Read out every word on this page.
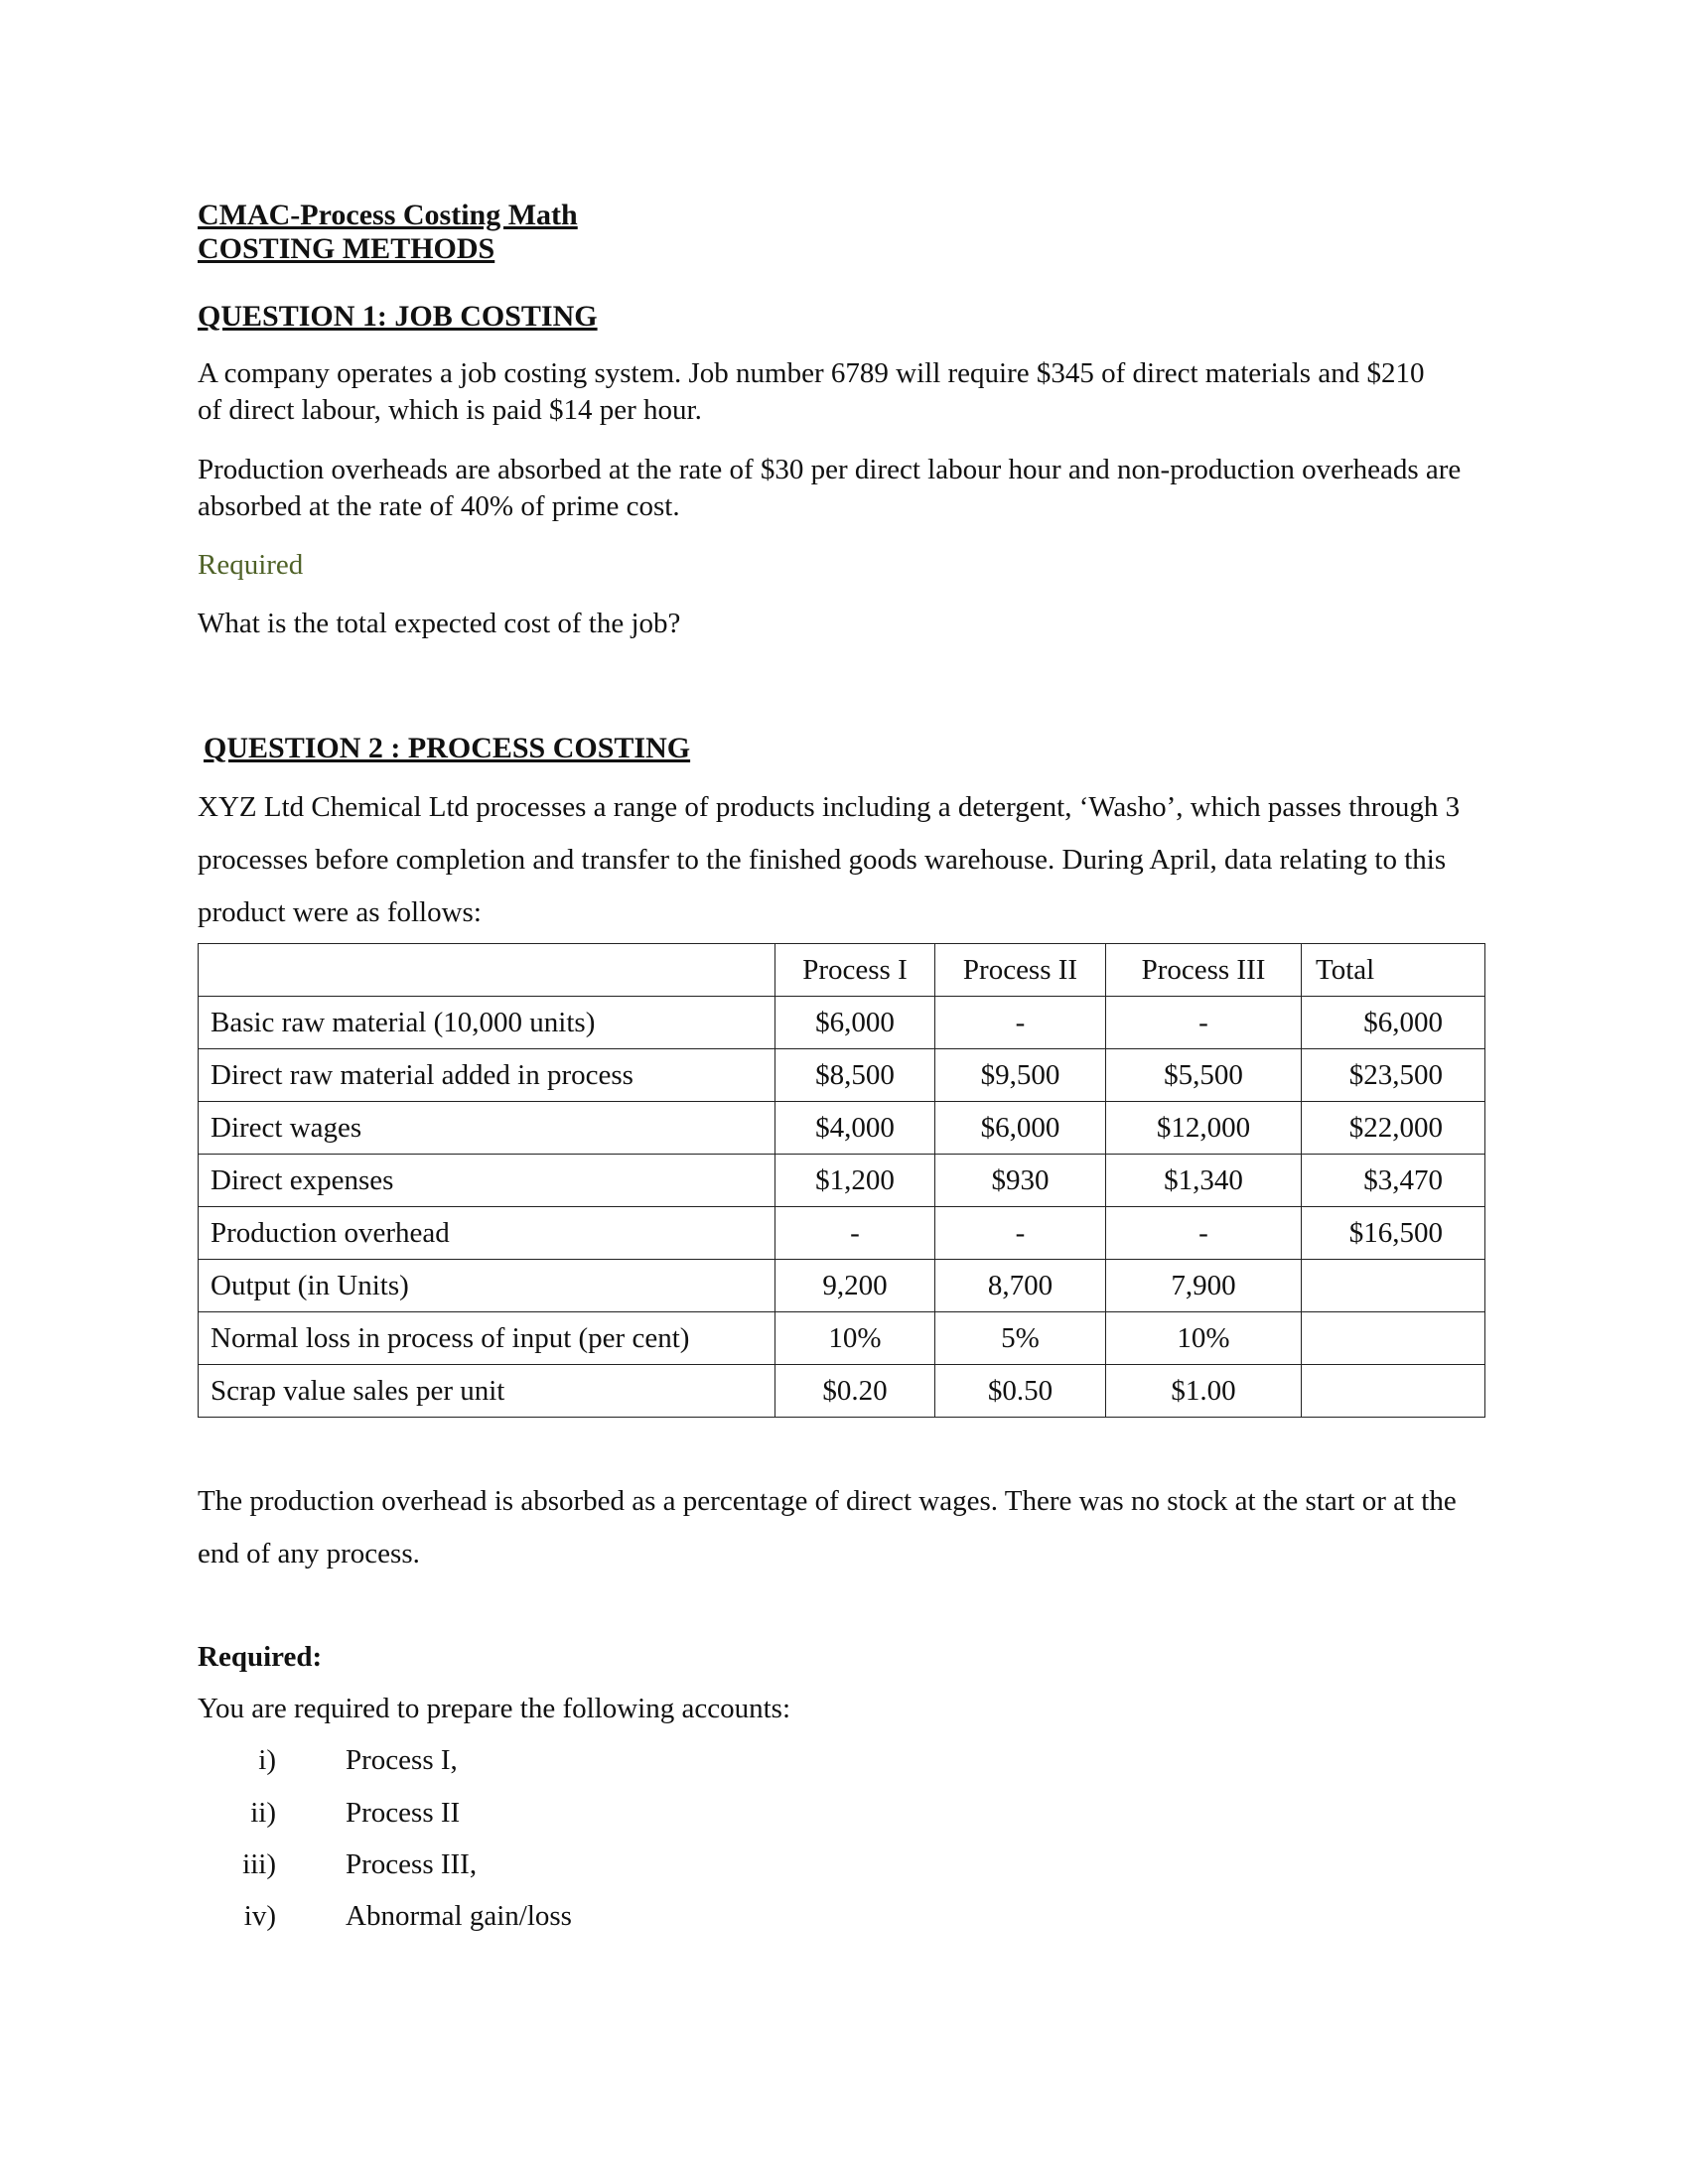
CMAC-Process Costing Math
COSTING METHODS
QUESTION 1: JOB COSTING
A company operates a job costing system. Job number 6789 will require $345 of direct materials and $210 of direct labour, which is paid $14 per hour.
Production overheads are absorbed at the rate of $30 per direct labour hour and non-production overheads are absorbed at the rate of 40% of prime cost.
Required
What is the total expected cost of the job?
QUESTION 2 : PROCESS COSTING
XYZ Ltd Chemical Ltd processes a range of products including a detergent, ‘Washo’, which passes through 3 processes before completion and transfer to the finished goods warehouse. During April, data relating to this product were as follows:
	Process I	Process II	Process III	Total
Basic raw material (10,000 units)	$6,000	-	-	$6,000
Direct raw material added in process	$8,500	$9,500	$5,500	$23,500
Direct wages	$4,000	$6,000	$12,000	$22,000
Direct expenses	$1,200	$930	$1,340	$3,470
Production overhead	-	-	-	$16,500
Output (in Units)	9,200	8,700	7,900	
Normal loss in process of input (per cent)	10%	5%	10%	
Scrap value sales per unit	$0.20	$0.50	$1.00	
The production overhead is absorbed as a percentage of direct wages. There was no stock at the start or at the end of any process.
Required:
You are required to prepare the following accounts:
i) Process I,
ii) Process II
iii) Process III,
iv) Abnormal gain/loss
